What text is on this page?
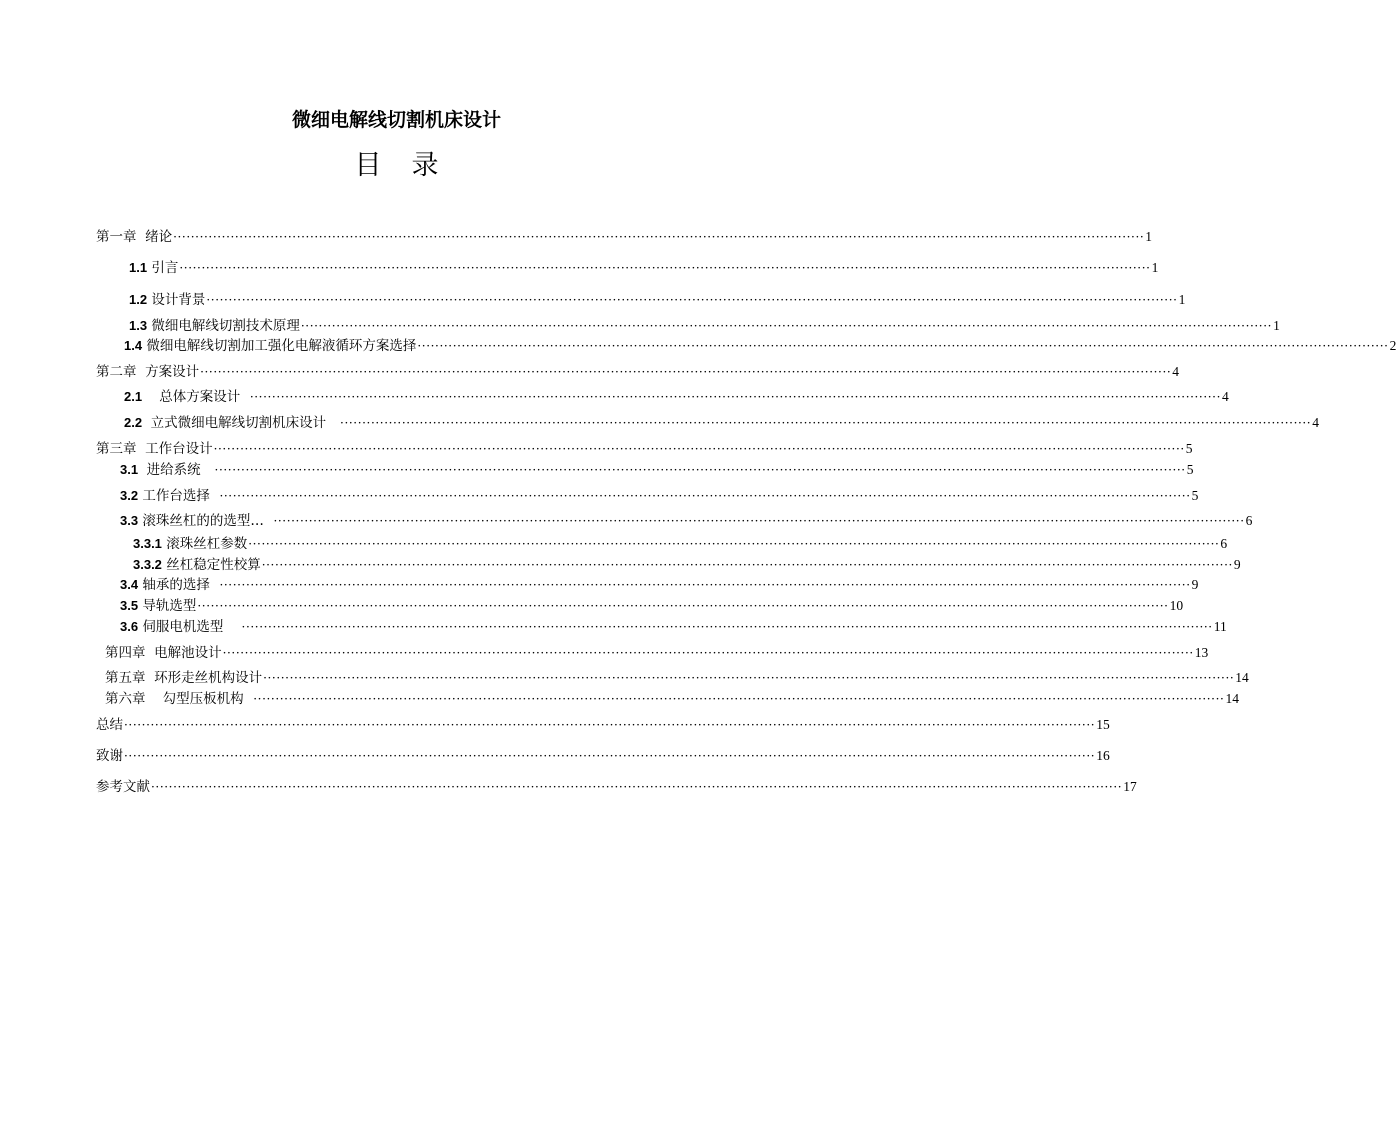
微细电解线切割机床设计
目 录
第一章  绪论 ···························································································································································································································· 1
1.1 引言 ···························································································································································································································· 1
1.2 设计背景 ···························································································································································································································· 1
1.3 微细电解线切割技术原理 ···························································································································································································································· 1
1.4 微细电解线切割加工强化电解液循环方案选择 ···························································································································································································································· 2
第二章  方案设计 ···························································································································································································································· 4
2.1 总体方案设计 ···························································································································································································································· 4
2.2 立式微细电解线切割机床设计 ···························································································································································································································· 4
第三章  工作台设计 ···························································································································································································································· 5
3.1 进给系统 ···························································································································································································································· 5
3.2 工作台选择 ···························································································································································································································· 5
3.3 滚珠丝杠的的选型… ···························································································································································································································· 6
3.3.1 滚珠丝杠参数 ···························································································································································································································· 6
3.3.2 丝杠稳定性校算 ···························································································································································································································· 9
3.4 轴承的选择 ···························································································································································································································· 9
3.5 导轨选型 ···························································································································································································································· 10
3.6 伺服电机选型 ···························································································································································································································· 11
第四章  电解池设计 ···························································································································································································································· 13
第五章  环形走丝机构设计 ···························································································································································································································· 14
第六章    勾型压板机构 ···························································································································································································································· 14
总结 ···························································································································································································································· 15
致谢 ···························································································································································································································· 16
参考文献 ···························································································································································································································· 17
